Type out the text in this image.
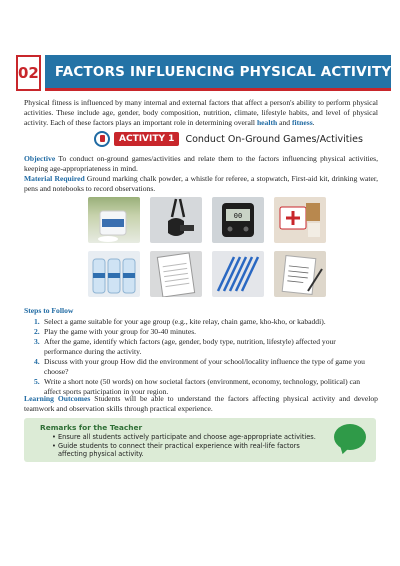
02	FACTORS INFLUENCING PHYSICAL ACTIVITY

Physical fitness is influenced by many internal and external factors that affect a person's ability to perform physical activities. These include age, gender, body composition, nutrition, climate, lifestyle habits, and level of physical activity. Each of these factors plays an important role in determining overall health and fitness.

ACTIVITY 1	Conduct On-Ground Games/Activities

Objective To conduct on-ground games/activities and relate them to the factors influencing physical activities, keeping age-appropriateness in mind.

Material Required Ground marking chalk powder, a whistle for referee, a stopwatch, First-aid kit, drinking water, pens and notebooks to record observations.

00
Steps to Follow
1. Select a game suitable for your age group (e.g., kite relay, chain game, kho-kho, or kabaddi).
2. Play the game with your group for 30-40 minutes.
3. After the game, identify which factors (age, gender, body type, nutrition, lifestyle) affected your performance during the activity.
4. Discuss with your group How did the environment of your school/locality influence the type of game you choose?
5. Write a short note (50 words) on how societal factors (environment, economy, technology, political) can affect sports participation in your region.

Learning Outcomes Students will be able to understand the factors affecting physical activity and develop teamwork and observation skills through practical experience.

Remarks for the Teacher
• Ensure all students actively participate and choose age-appropriate activities.
• Guide students to connect their practical experience with real-life factors affecting physical activity.
